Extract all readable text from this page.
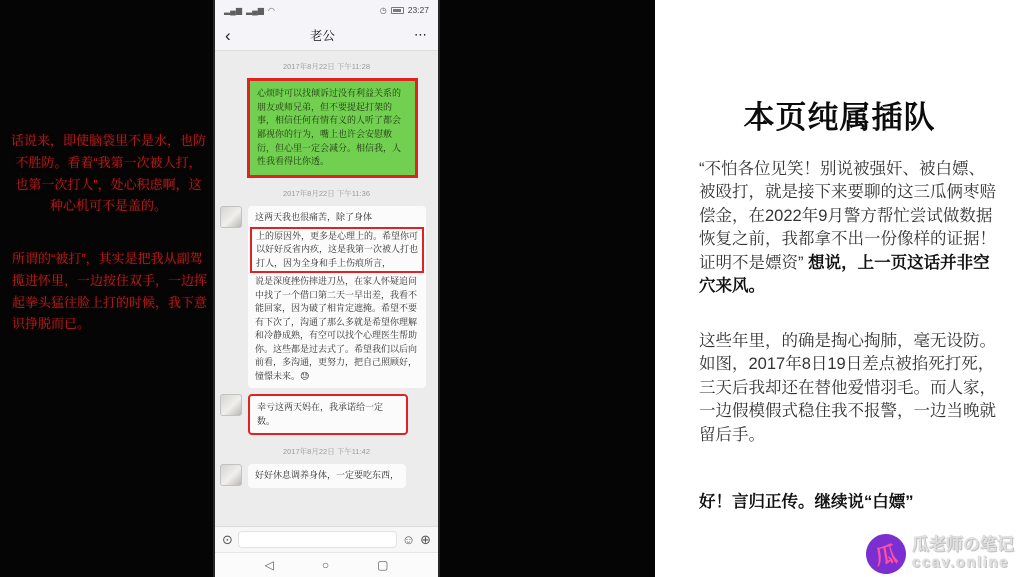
话说来，即使脑袋里不是水，也防不胜防。看着“我第一次被人打，也第一次打人”，处心积虑啊，这种心机可不是盖的。
所谓的“被打”，其实是把我从副驾揽进怀里，一边按住双手，一边挥起拳头猛往脸上打的时候，我下意识挣脱而已。
▂▄▆ ▂▄▆ ◠	◷ 23:27
‹	老公	⋯
2017年8月22日 下午11:28
心烦时可以找倾诉过没有利益关系的朋友或师兄弟，但不要提起打架的事，相信任何有情有义的人听了都会鄙视你的行为，嘴上也许会安慰敷衍，但心里一定会减分。相信我，人性我看得比你透。
2017年8月22日 下午11:36
这两天我也很痛苦，除了身体
上的原因外，更多是心理上的。希望你可以好好反省内疚，这是我第一次被人打也打人，因为全身和手上伤痕所言，
说是深度挫伤摔进刀丛，在家人怀疑追问中找了一个借口第二天一早出差，我看不能回家，因为破了相肯定遮掩。希望不要有下次了，沟通了那么多就是希望你理解和冷静成熟，有空可以找个心理医生帮助你。这些都是过去式了。希望我们以后向前看，多沟通，更努力，把自己照顾好，憧憬未来。😓
幸亏这两天妈在，我承诺给一定数。
2017年8月22日 下午11:42
好好休息调养身体，一定要吃东西，
⊙	☺ ⊕
◁	○	▢
本页纯属插队
“不怕各位见笑！别说被强奸、被白嫖、被殴打，就是接下来要聊的这三瓜俩枣赔偿金，在2022年9月警方帮忙尝试做数据恢复之前，我都拿不出一份像样的证据！证明不是嫖资” 想说，上一页这话并非空穴来风。
这些年里，的确是掏心掏肺，毫无设防。如图，2017年8日19日差点被掐死打死，三天后我却还在替他爱惜羽毛。而人家，一边假模假式稳住我不报警，一边当晚就留后手。
好！言归正传。继续说“白嫖”
瓜 瓜老师の笔记
ccav.online
